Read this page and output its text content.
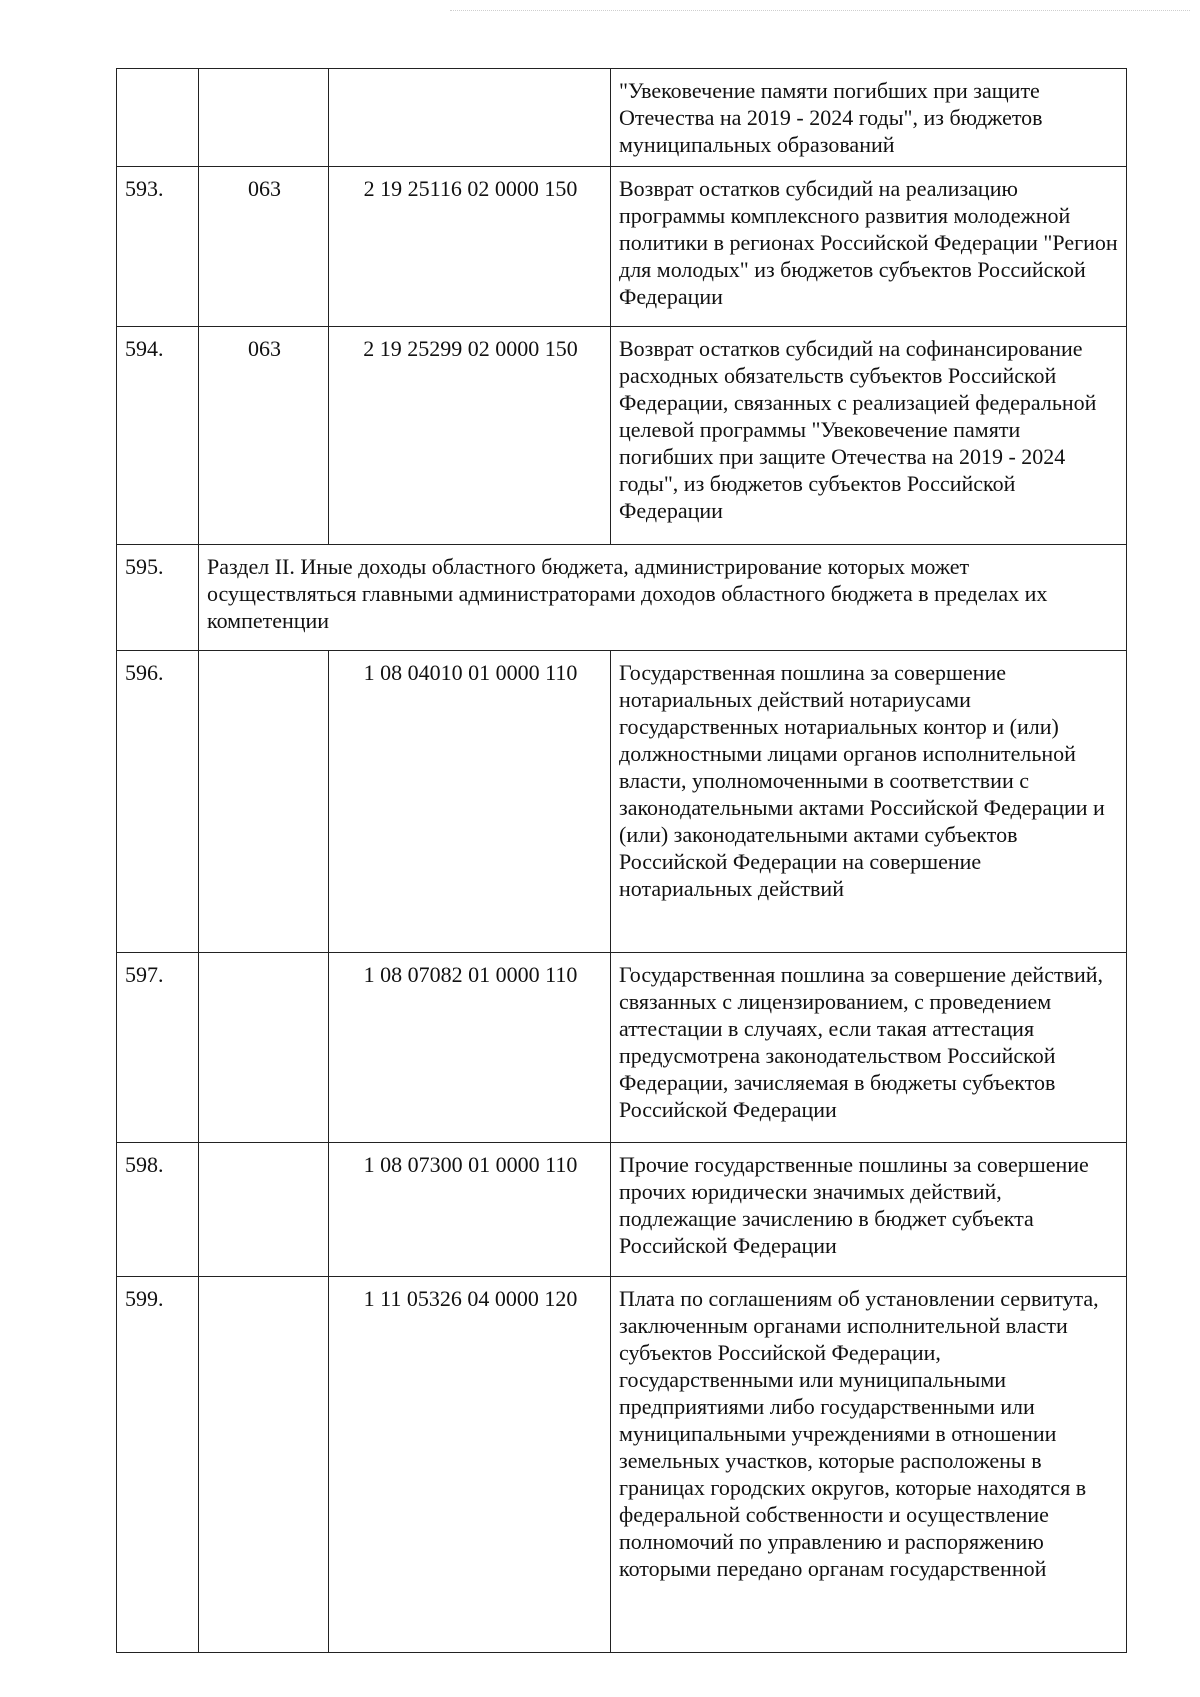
			"Увековечение памяти погибших при защите Отечества на 2019 - 2024 годы", из бюджетов муниципальных образований
593.	063	2 19 25116 02 0000 150	Возврат остатков субсидий на реализацию программы комплексного развития молодежной политики в регионах Российской Федерации "Регион для молодых" из бюджетов субъектов Российской Федерации
594.	063	2 19 25299 02 0000 150	Возврат остатков субсидий на софинансирование расходных обязательств субъектов Российской Федерации, связанных с реализацией федеральной целевой программы "Увековечение памяти погибших при защите Отечества на 2019 - 2024 годы", из бюджетов субъектов Российской Федерации
595.	Раздел II. Иные доходы областного бюджета, администрирование которых может осуществляться главными администраторами доходов областного бюджета в пределах их компетенции		
596.		1 08 04010 01 0000 110	Государственная пошлина за совершение нотариальных действий нотариусами государственных нотариальных контор и (или) должностными лицами органов исполнительной власти, уполномоченными в соответствии с законодательными актами Российской Федерации и (или) законодательными актами субъектов Российской Федерации на совершение нотариальных действий
597.		1 08 07082 01 0000 110	Государственная пошлина за совершение действий, связанных с лицензированием, с проведением аттестации в случаях, если такая аттестация предусмотрена законодательством Российской Федерации, зачисляемая в бюджеты субъектов Российской Федерации
598.		1 08 07300 01 0000 110	Прочие государственные пошлины за совершение прочих юридически значимых действий, подлежащие зачислению в бюджет субъекта Российской Федерации
599.		1 11 05326 04 0000 120	Плата по соглашениям об установлении сервитута, заключенным органами исполнительной власти субъектов Российской Федерации, государственными или муниципальными предприятиями либо государственными или муниципальными учреждениями в отношении земельных участков, которые расположены в границах городских округов, которые находятся в федеральной собственности и осуществление полномочий по управлению и распоряжению которыми передано органам государственной
